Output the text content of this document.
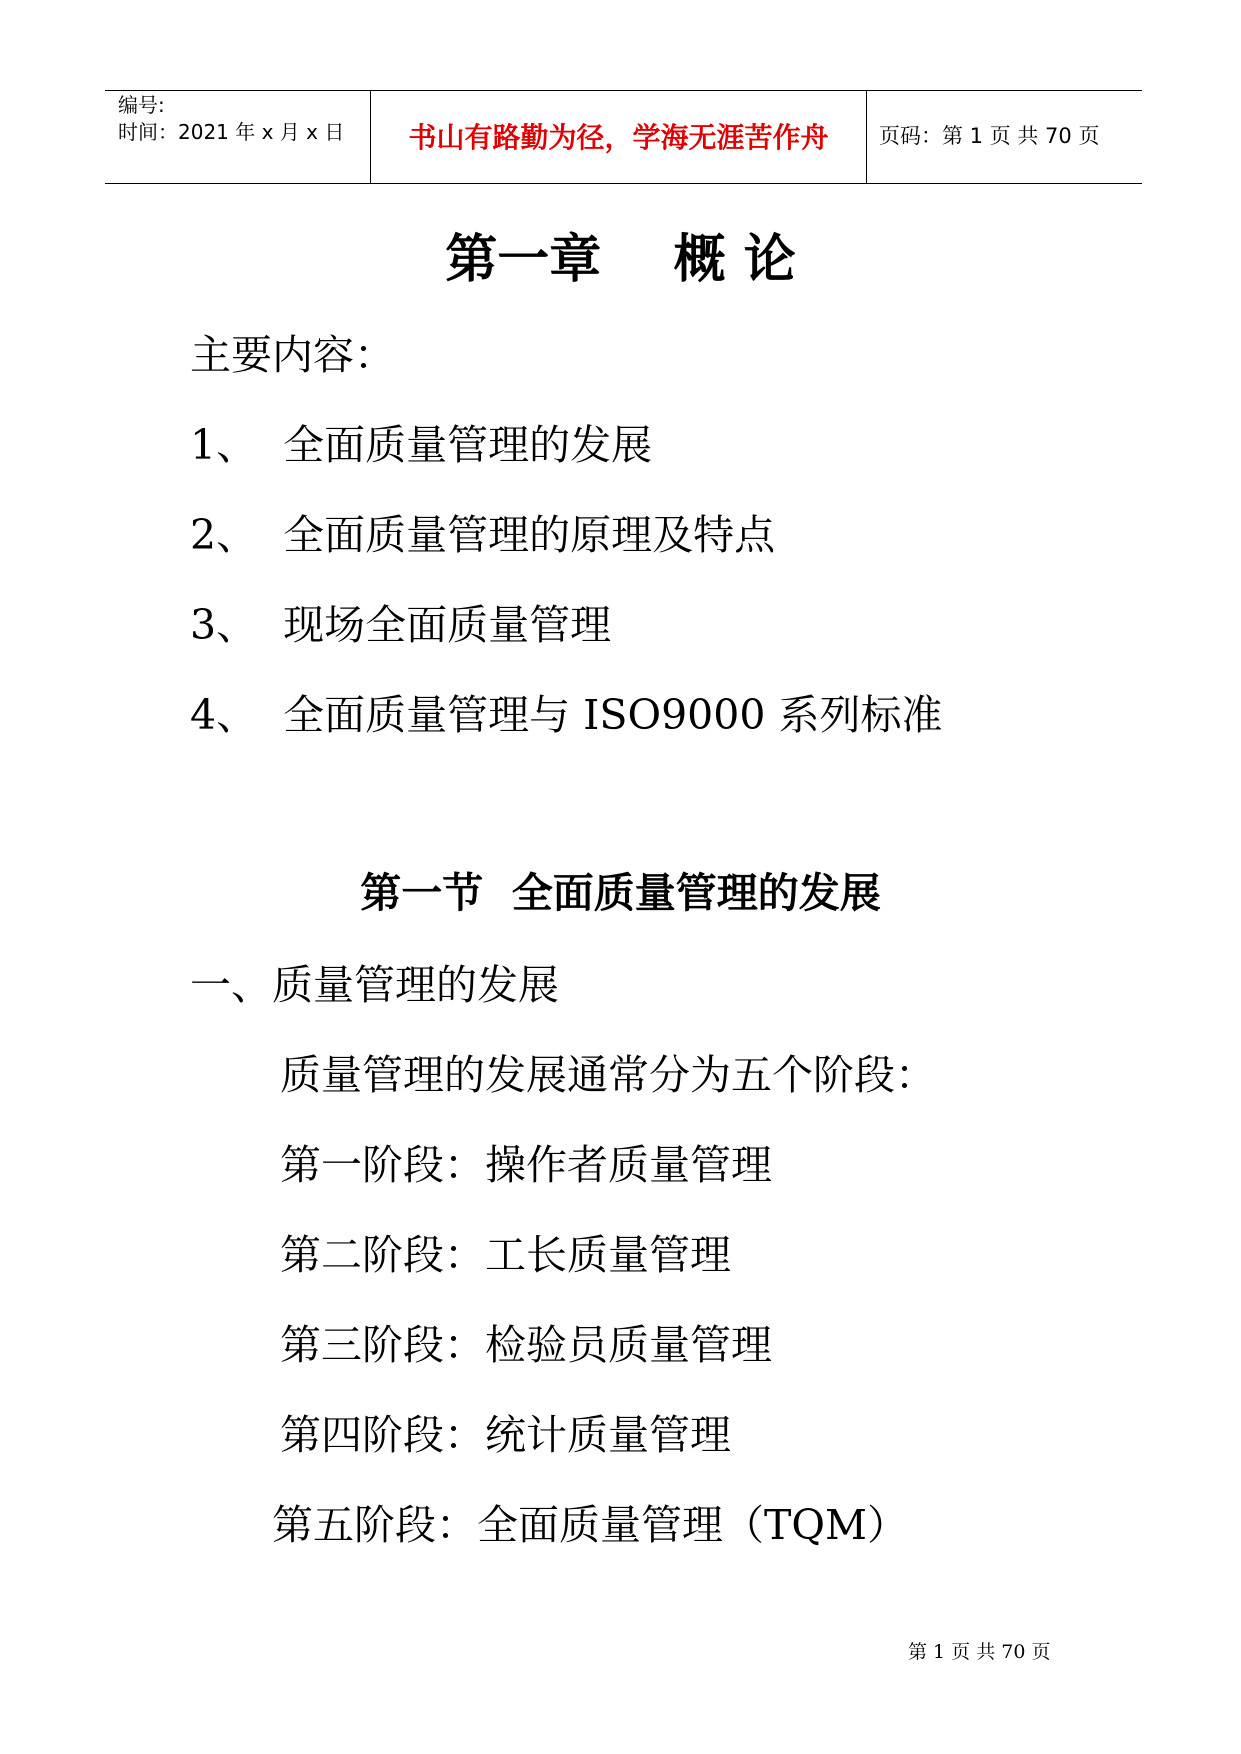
编号:
时间：2021 年 x 月 x 日	书山有路勤为径，学海无涯苦作舟	页码：第 1 页 共 70 页
第一章    概 论
主要内容：
1、  全面质量管理的发展
2、  全面质量管理的原理及特点
3、  现场全面质量管理
4、  全面质量管理与 ISO9000 系列标准
第一节  全面质量管理的发展
一、质量管理的发展
质量管理的发展通常分为五个阶段：
第一阶段：操作者质量管理
第二阶段：工长质量管理
第三阶段：检验员质量管理
第四阶段：统计质量管理
第五阶段：全面质量管理（TQM）
第 1 页 共 70 页
